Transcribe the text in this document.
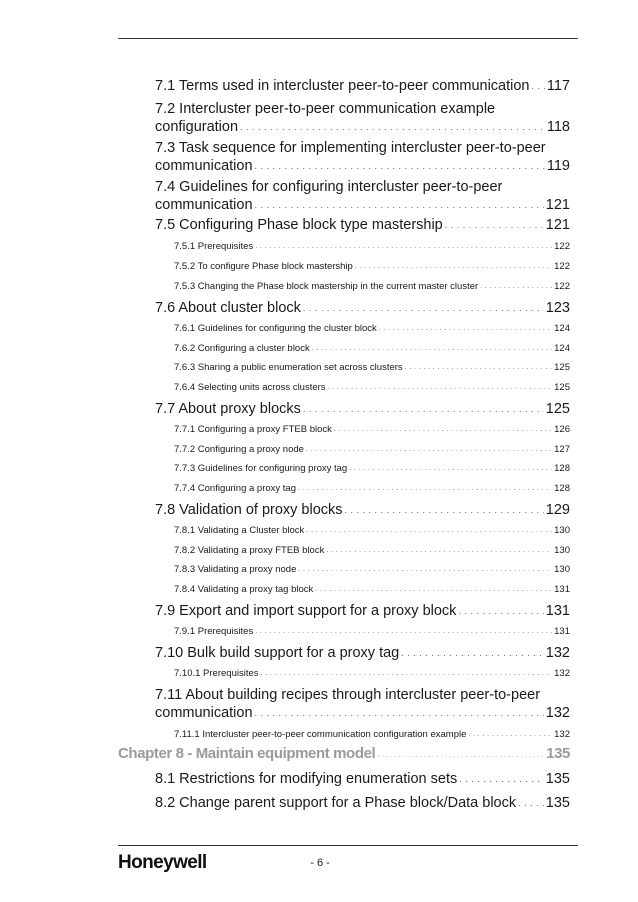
7.1 Terms used in intercluster peer-to-peer communication . . . 117
7.2 Intercluster peer-to-peer communication example
configuration . . .	118
7.3 Task sequence for implementing intercluster peer-to-peer
communication . . .	119
7.4 Guidelines for configuring intercluster peer-to-peer
communication . . .	121
7.5 Configuring Phase block type mastership . . .	121
7.5.1 Prerequisites . . .	122
7.5.2 To configure Phase block mastership . . .	122
7.5.3 Changing the Phase block mastership in the current master cluster . . .	122
7.6 About cluster block . . .	123
7.6.1 Guidelines for configuring the cluster block . . .	124
7.6.2 Configuring a cluster block . . .	124
7.6.3 Sharing a public enumeration set across clusters . . .	125
7.6.4 Selecting units across clusters . . .	125
7.7 About proxy blocks . . .	125
7.7.1 Configuring a proxy FTEB block . . .	126
7.7.2 Configuring a proxy node . . .	127
7.7.3 Guidelines for configuring proxy tag . . .	128
7.7.4 Configuring a proxy tag . . .	128
7.8 Validation of proxy blocks . . .	129
7.8.1 Validating a Cluster block . . .	130
7.8.2 Validating a proxy FTEB block . . .	130
7.8.3 Validating a proxy node . . .	130
7.8.4 Validating a proxy tag block . . .	131
7.9 Export and import support for a proxy block . . .	131
7.9.1 Prerequisites . . .	131
7.10 Bulk build support for a proxy tag . . .	132
7.10.1 Prerequisites . . .	132
7.11 About building recipes through intercluster peer-to-peer
communication . . .	132
7.11.1 Intercluster peer-to-peer communication configuration example . . .	132
Chapter 8 - Maintain equipment model . . .	135
8.1 Restrictions for modifying enumeration sets . . .	135
8.2 Change parent support for a Phase block/Data block . . . 135
Honeywell	- 6 -
